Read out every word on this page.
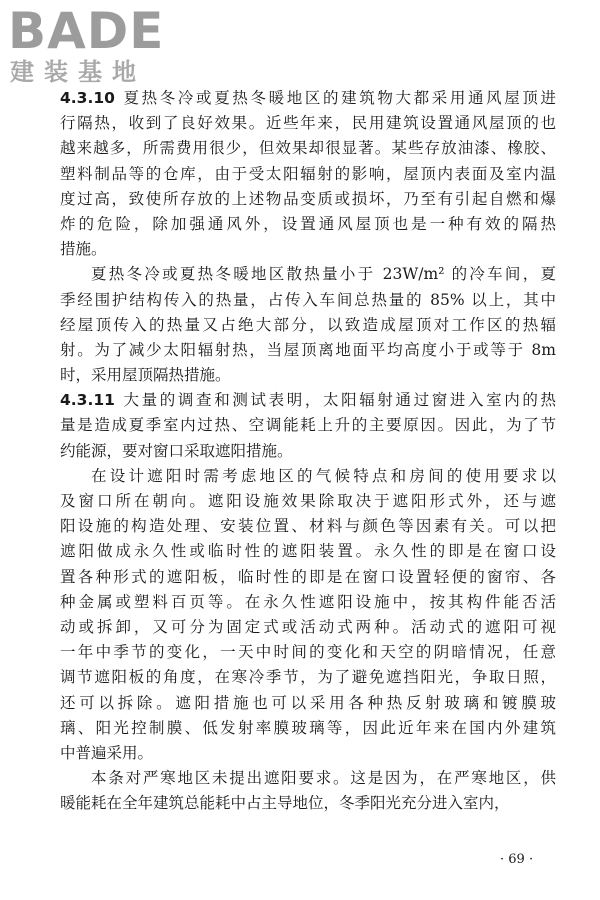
BADE
建装基地
4.3.10 夏热冬冷或夏热冬暖地区的建筑物大都采用通风屋顶进
行隔热，收到了良好效果。近些年来，民用建筑设置通风屋顶的也
越来越多，所需费用很少，但效果却很显著。某些存放油漆、橡胶、
塑料制品等的仓库，由于受太阳辐射的影响，屋顶内表面及室内温
度过高，致使所存放的上述物品变质或损坏，乃至有引起自燃和爆
炸的危险，除加强通风外，设置通风屋顶也是一种有效的隔热
措施。
夏热冬冷或夏热冬暖地区散热量小于 23W/m² 的冷车间，夏
季经围护结构传入的热量，占传入车间总热量的 85% 以上，其中
经屋顶传入的热量又占绝大部分，以致造成屋顶对工作区的热辐
射。为了减少太阳辐射热，当屋顶离地面平均高度小于或等于 8m
时，采用屋顶隔热措施。
4.3.11 大量的调查和测试表明，太阳辐射通过窗进入室内的热
量是造成夏季室内过热、空调能耗上升的主要原因。因此，为了节
约能源，要对窗口采取遮阳措施。
在设计遮阳时需考虑地区的气候特点和房间的使用要求以
及窗口所在朝向。遮阳设施效果除取决于遮阳形式外，还与遮
阳设施的构造处理、安装位置、材料与颜色等因素有关。可以把
遮阳做成永久性或临时性的遮阳装置。永久性的即是在窗口设
置各种形式的遮阳板，临时性的即是在窗口设置轻便的窗帘、各
种金属或塑料百页等。在永久性遮阳设施中，按其构件能否活
动或拆卸，又可分为固定式或活动式两种。活动式的遮阳可视
一年中季节的变化，一天中时间的变化和天空的阴暗情况，任意
调节遮阳板的角度，在寒冷季节，为了避免遮挡阳光，争取日照，
还可以拆除。遮阳措施也可以采用各种热反射玻璃和镀膜玻
璃、阳光控制膜、低发射率膜玻璃等，因此近年来在国内外建筑
中普遍采用。
本条对严寒地区未提出遮阳要求。这是因为，在严寒地区，供
暖能耗在全年建筑总能耗中占主导地位，冬季阳光充分进入室内，
· 69 ·
